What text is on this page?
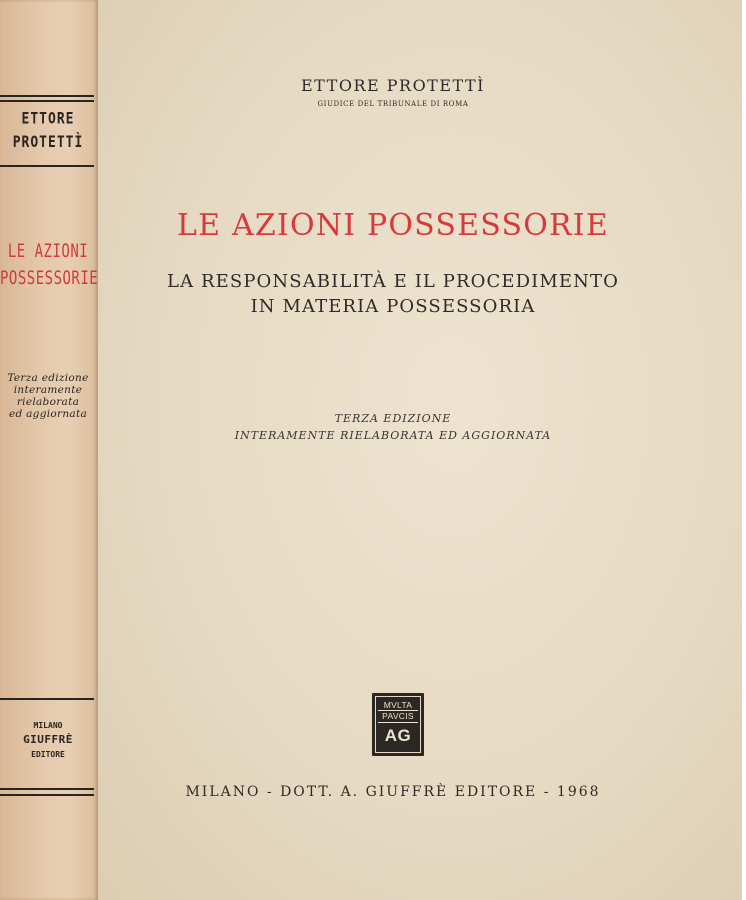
ETTORE
PROTETTÌ
LE AZIONI
POSSESSORIE
Terza edizione
interamente
rielaborata
ed aggiornata
MILANO
GIUFFRÈ
EDITORE

ETTORE PROTETTÌ

GIUDICE DEL TRIBUNALE DI ROMA

LE AZIONI POSSESSORIE

LA RESPONSABILITÀ E IL PROCEDIMENTO
IN MATERIA POSSESSORIA
TERZA EDIZIONE
INTERAMENTE RIELABORATA ED AGGIORNATA
MVLTA
PAVCIS
AG

MILANO - DOTT. A. GIUFFRÈ EDITORE - 1968
